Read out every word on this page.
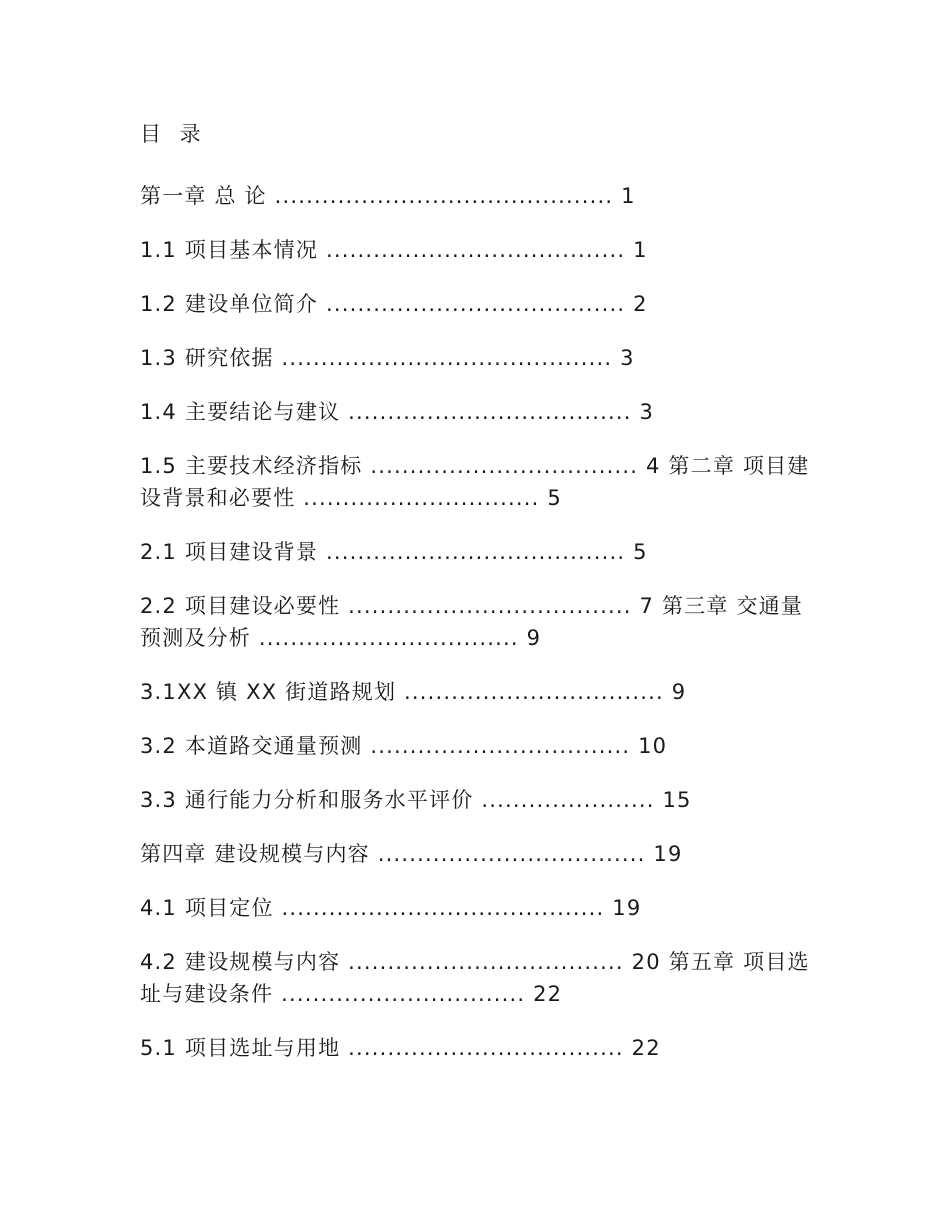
目 录
第一章 总 论 ........................................... 1
1.1 项目基本情况 ...................................... 1
1.2 建设单位简介 ...................................... 2
1.3 研究依据 .......................................... 3
1.4 主要结论与建议 .................................... 3
1.5 主要技术经济指标 .................................. 4 第二章 项目建设背景和必要性 .............................. 5
2.1 项目建设背景 ...................................... 5
2.2 项目建设必要性 .................................... 7 第三章 交通量预测及分析 ................................. 9
3.1XX 镇 XX 街道路规划 ................................. 9
3.2 本道路交通量预测 ................................. 10
3.3 通行能力分析和服务水平评价 ...................... 15
第四章 建设规模与内容 .................................. 19
4.1 项目定位 ......................................... 19
4.2 建设规模与内容 ................................... 20 第五章 项目选址与建设条件 ............................... 22
5.1 项目选址与用地 ................................... 22
